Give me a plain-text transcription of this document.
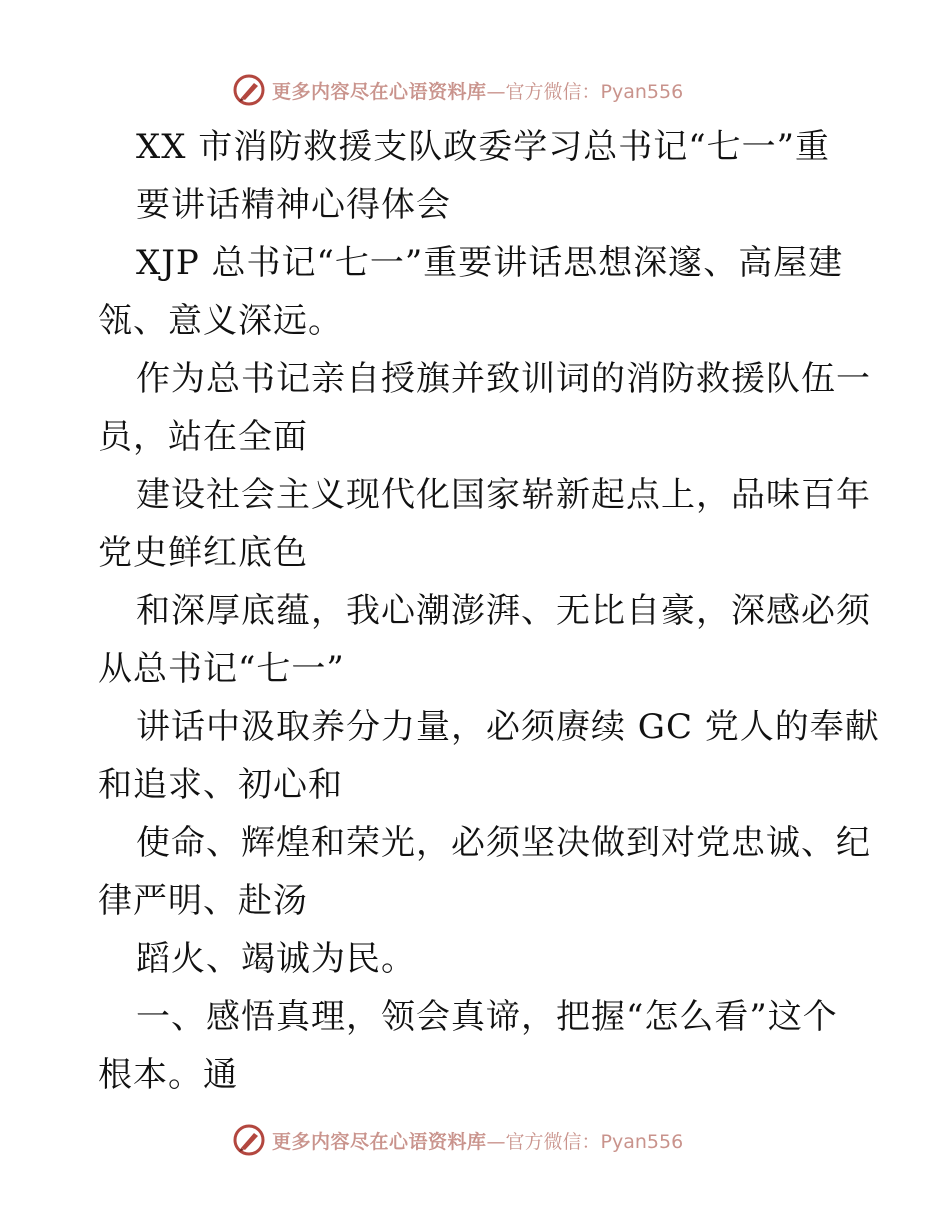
更多内容尽在心语资料库 —官方微信：Pyan556
XX 市消防救援支队政委学习总书记“七一”重
要讲话精神心得体会
XJP 总书记“七一”重要讲话思想深邃、高屋建
瓴、意义深远。
作为总书记亲自授旗并致训词的消防救援队伍一
员，站在全面
建设社会主义现代化国家崭新起点上，品味百年
党史鲜红底色
和深厚底蕴，我心潮澎湃、无比自豪，深感必须
从总书记“七一”
讲话中汲取养分力量，必须赓续 GC 党人的奉献
和追求、初心和
使命、辉煌和荣光，必须坚决做到对党忠诚、纪
律严明、赴汤
蹈火、竭诚为民。
一、感悟真理，领会真谛，把握“怎么看”这个
根本。通
更多内容尽在心语资料库 —官方微信：Pyan556
